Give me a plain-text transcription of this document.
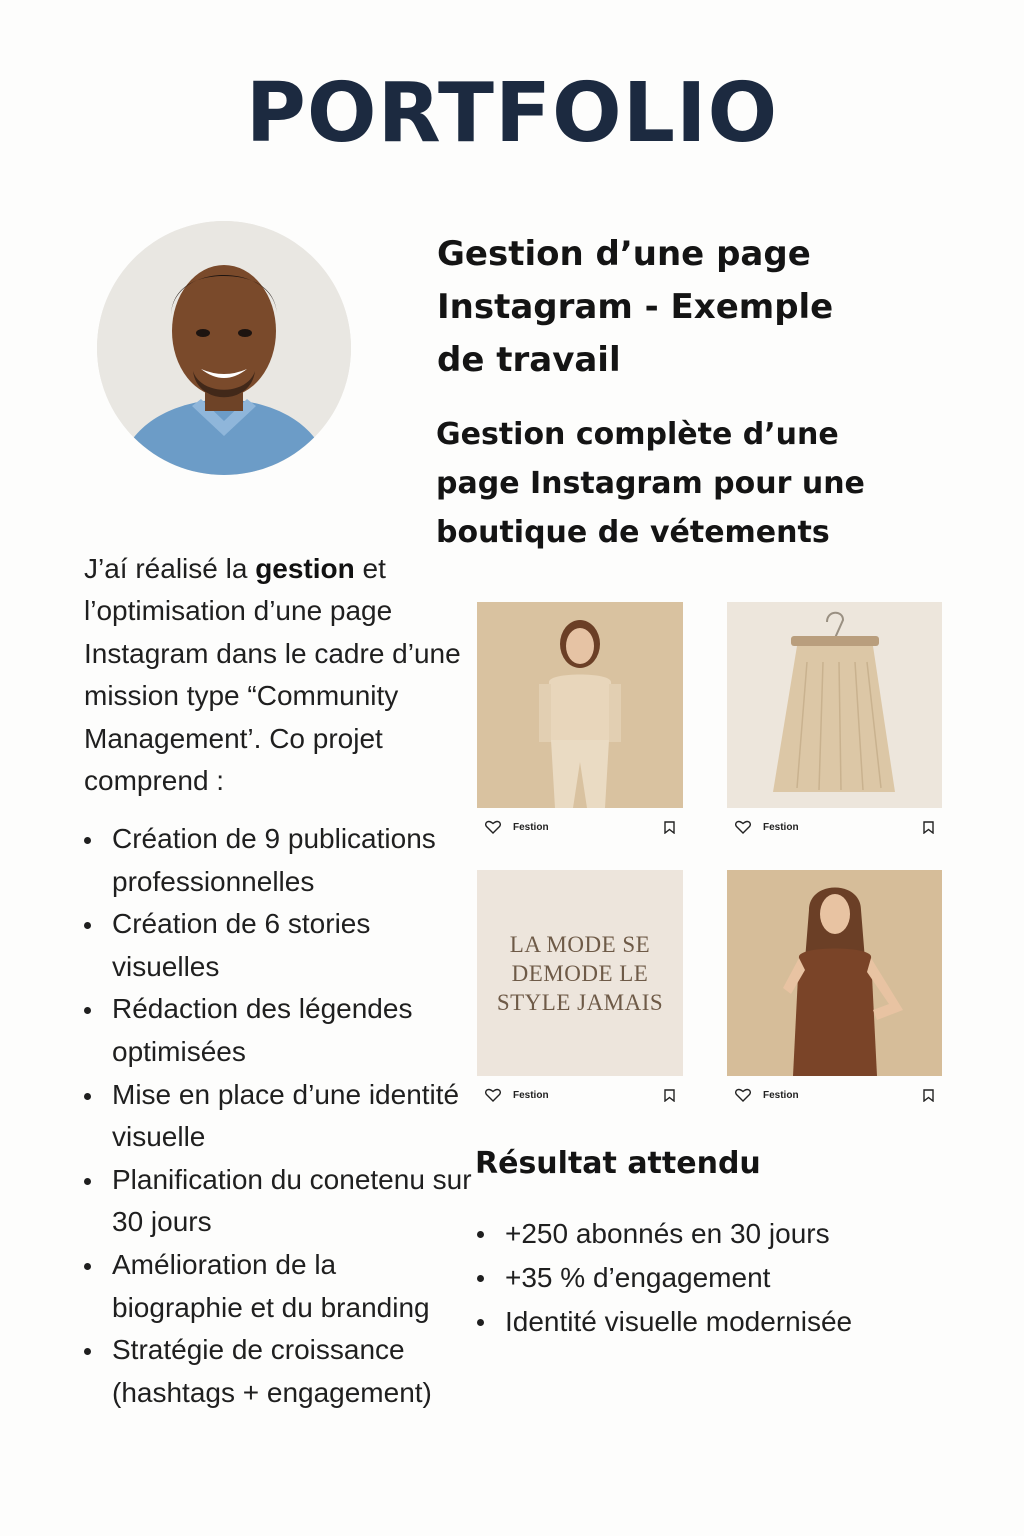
PORTFOLIO
Gestion d’une page Instagram - Exemple de travail
Gestion complète d’une page Instagram pour une boutique de vétements
J’aí réalisé la gestion et l’optimisation d’une page Instagram dans le cadre d’une mission type “Community Management’. Co projet comprend :
Création de 9 publications professionnelles
Création de 6 stories visuelles
Rédaction des légendes optimisées
Mise en place d’une identité visuelle
Planification du conetenu sur 30 jours
Amélioration de la biographie et du branding
Stratégie de croissance (hashtags + engagement)
Festion	Festion
LA MODE SE DEMODE LE STYLE JAMAIS
Festion	Festion
Résultat attendu
+250 abonnés en 30 jours
+35 % d’engagement
Identité visuelle modernisée
